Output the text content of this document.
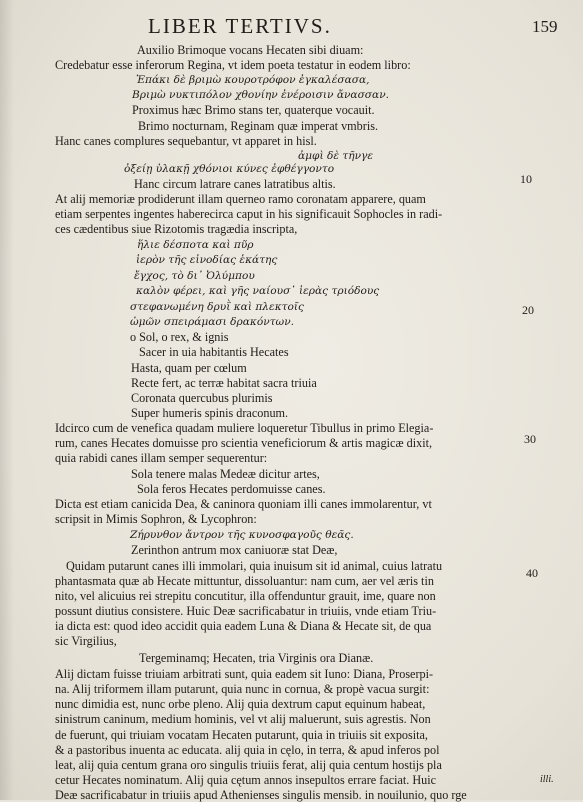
LIBER TERTIVS.	159
Auxilio Brimoque vocans Hecaten sibi diuam:
Credebatur esse inferorum Regina, vt idem poeta testatur in eodem libro:
Ἐπάκι δὲ βριμὼ κουροτρόφον ἐγκαλέσασα,
Βριμὼ νυκτιπόλον χθονίην ἐνέροισιν ἄνασσαν.
Proximus hæc Brimo stans ter, quaterque vocauit.
Brimo nocturnam, Reginam quæ imperat vmbris.
Hanc canes complures sequebantur, vt apparet in hisl.
ἀμφὶ δὲ τῆνγε
ὀξείῃ ὑλακῇ χθόνιοι κύνες ἐφθέγγοντο
Hanc circum latrare canes latratibus altis.
At alij memoriæ prodiderunt illam querneo ramo coronatam apparere, quam
etiam serpentes ingentes haberecirca caput in his significauit Sophocles in radi-
ces cædentibus siue Rizotomis tragædia inscripta,
ἥλιε δέσποτα καὶ πῦρ
ἱερὸν τῆς εἰνοδίας ἑκάτης
ἔγχος, τὸ δι᾽ Ὀλύμπου
καλὸν φέρει, καὶ γῆς ναίουσ᾽ ἱερὰς τριόδους
στεφανωμένη δρυῒ καὶ πλεκτοῖς
ὠμῶν σπειράμασι δρακόντων.
o Sol, o rex, & ignis
Sacer in uia habitantis Hecates
Hasta, quam per cœlum
Recte fert, ac terræ habitat sacra triuia
Coronata quercubus plurimis
Super humeris spinis draconum.
Idcirco cum de venefica quadam muliere loqueretur Tibullus in primo Elegia-
rum, canes Hecates domuisse pro scientia veneficiorum & artis magicæ dixit,
quia rabidi canes illam semper sequerentur:
Sola tenere malas Medeæ dicitur artes,
Sola feros Hecates perdomuisse canes.
Dicta est etiam canicida Dea, & caninora quoniam illi canes immolarentur, vt
scripsit in Mimis Sophron, & Lycophron:
Ζήρυνθον ἄντρον τῆς κυνοσφαγοῦς θεᾶς.
Zerinthon antrum mox caniuoræ stat Deæ,
Quidam putarunt canes illi immolari, quia inuisum sit id animal, cuius latratu
phantasmata quæ ab Hecate mittuntur, dissoluantur: nam cum, aer vel æris tin
nito, vel alicuius rei strepitu concutitur, illa offenduntur grauit, ime, quare non
possunt diutius consistere. Huic Deæ sacrificabatur in triuiis, vnde etiam Triu-
ia dicta est: quod ideo accidit quia eadem Luna & Diana & Hecate sit, de qua
sic Virgilius,
Tergeminamq; Hecaten, tria Virginis ora Dianæ.
Alij dictam fuisse triuiam arbitrati sunt, quia eadem sit Iuno: Diana, Proserpi-
na. Alij triformem illam putarunt, quia nunc in cornua, & propè vacua surgit:
nunc dimidia est, nunc orbe pleno. Alij quia dextrum caput equinum habeat,
sinistrum caninum, medium hominis, vel vt alij maluerunt, suis agrestis. Non
de fuerunt, qui triuiam vocatam Hecaten putarunt, quia in triuiis sit exposita,
& a pastoribus inuenta ac educata. alij quia in cęlo, in terra, & apud inferos pol
leat, alij quia centum grana oro singulis triuiis ferat, alij quia centum hostijs pla
cetur Hecates nominatum. Alij quia cętum annos insepultos errare faciat. Huic
Deæ sacrificabatur in triuiis apud Athenienses singulis mensib. in nouilunio, quo rge
10
20
30
40
illi.
